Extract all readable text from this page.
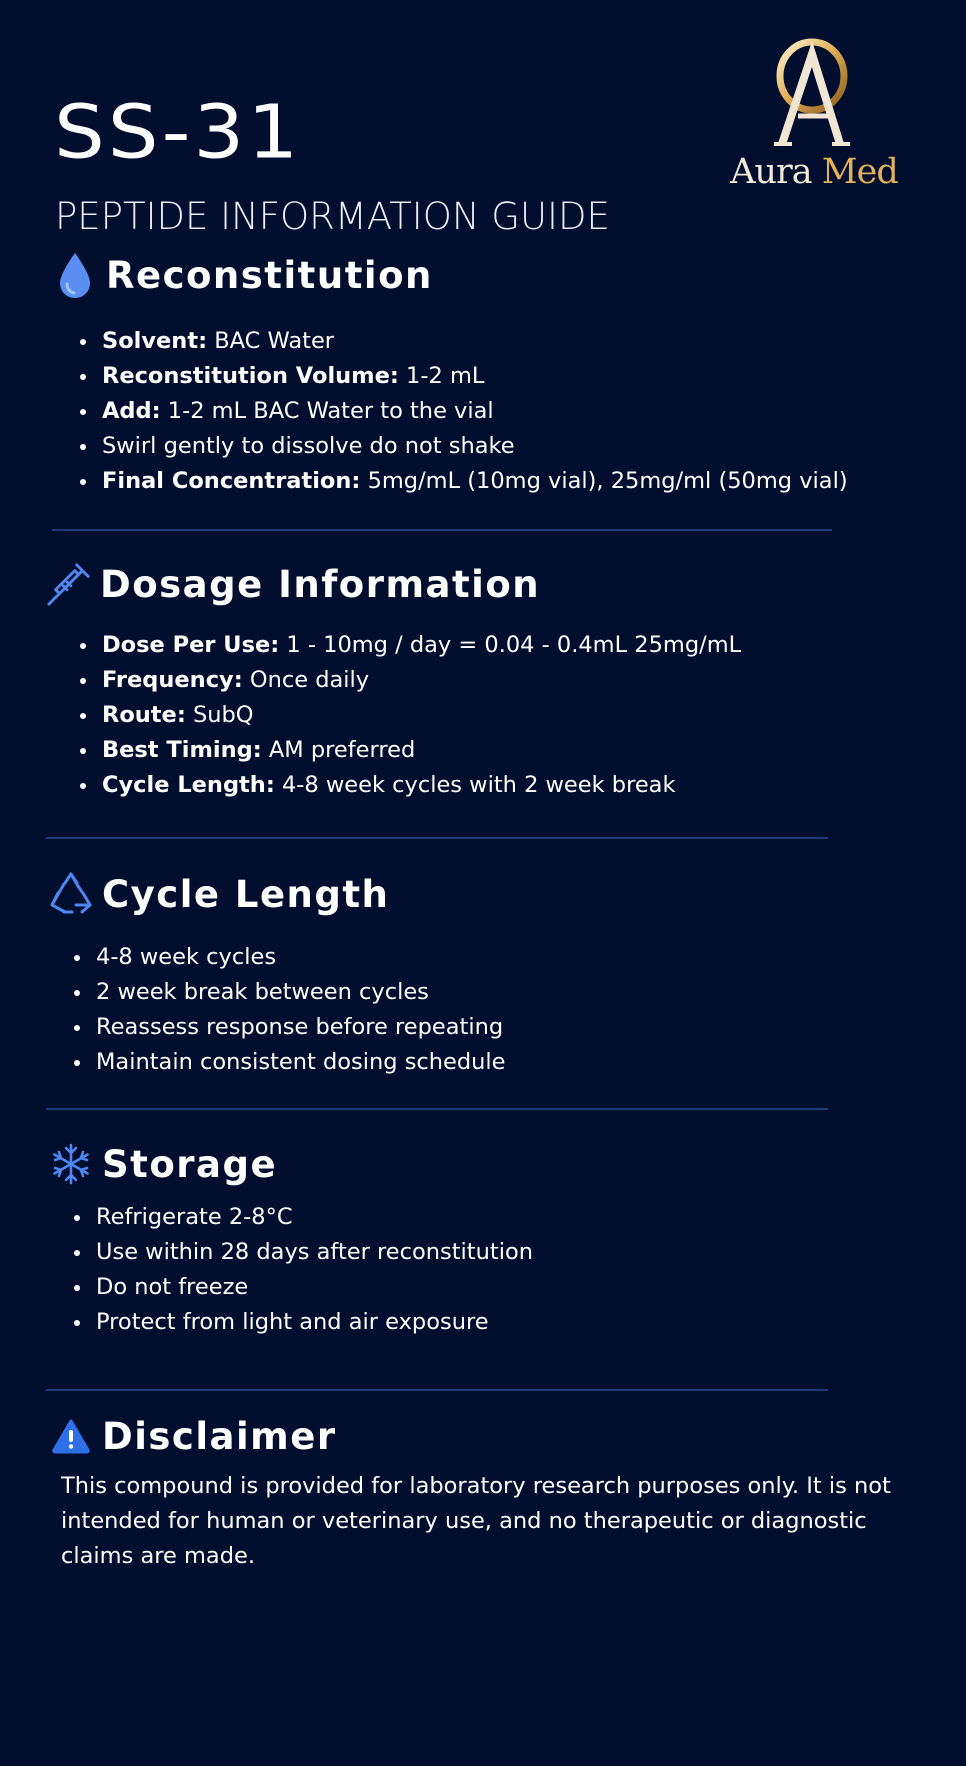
Aura Med
SS-31
PEPTIDE INFORMATION GUIDE
Reconstitution
Solvent: BAC Water
Reconstitution Volume: 1-2 mL
Add: 1-2 mL BAC Water to the vial
Swirl gently to dissolve do not shake
Final Concentration: 5mg/mL (10mg vial), 25mg/ml (50mg vial)
Dosage Information
Dose Per Use: 1 - 10mg / day = 0.04 - 0.4mL 25mg/mL
Frequency: Once daily
Route: SubQ
Best Timing: AM preferred
Cycle Length: 4-8 week cycles with 2 week break
Cycle Length
4-8 week cycles
2 week break between cycles
Reassess response before repeating
Maintain consistent dosing schedule
Storage
Refrigerate 2-8°C
Use within 28 days after reconstitution
Do not freeze
Protect from light and air exposure
Disclaimer

This compound is provided for laboratory research purposes only. It is not intended for human or veterinary use, and no therapeutic or diagnostic claims are made.
